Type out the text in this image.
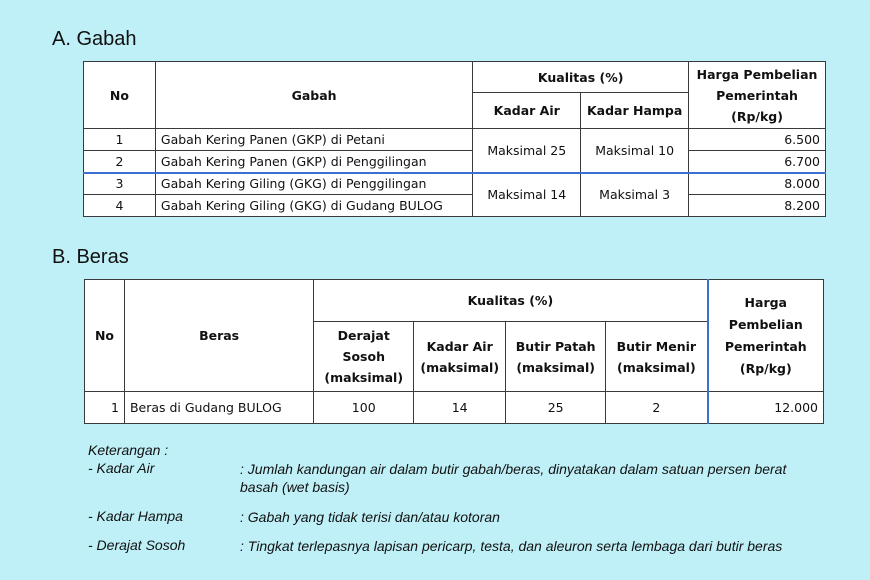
A. Gabah
No	Gabah	Kualitas (%)		Harga Pembelian Pemerintah (Rp/kg)
		Kadar Air	Kadar Hampa	
1	Gabah Kering Panen (GKP) di Petani	Maksimal 25	Maksimal 10	6.500
2	Gabah Kering Panen (GKP) di Penggilingan			6.700
3	Gabah Kering Giling (GKG) di Penggilingan	Maksimal 14	Maksimal 3	8.000
4	Gabah Kering Giling (GKG) di Gudang BULOG			8.200
B. Beras
No	Beras	Kualitas (%)				Harga Pembelian Pemerintah (Rp/kg)
		Derajat Sosoh (maksimal)	Kadar Air (maksimal)	Butir Patah (maksimal)	Butir Menir (maksimal)	
1	Beras di Gudang BULOG	100	14	25	2	12.000
Keterangan :
- Kadar Air	: Jumlah kandungan air dalam butir gabah/beras, dinyatakan dalam satuan persen berat basah (wet basis)
- Kadar Hampa	: Gabah yang tidak terisi dan/atau kotoran
- Derajat Sosoh	: Tingkat terlepasnya lapisan pericarp, testa, dan aleuron serta lembaga dari butir beras
